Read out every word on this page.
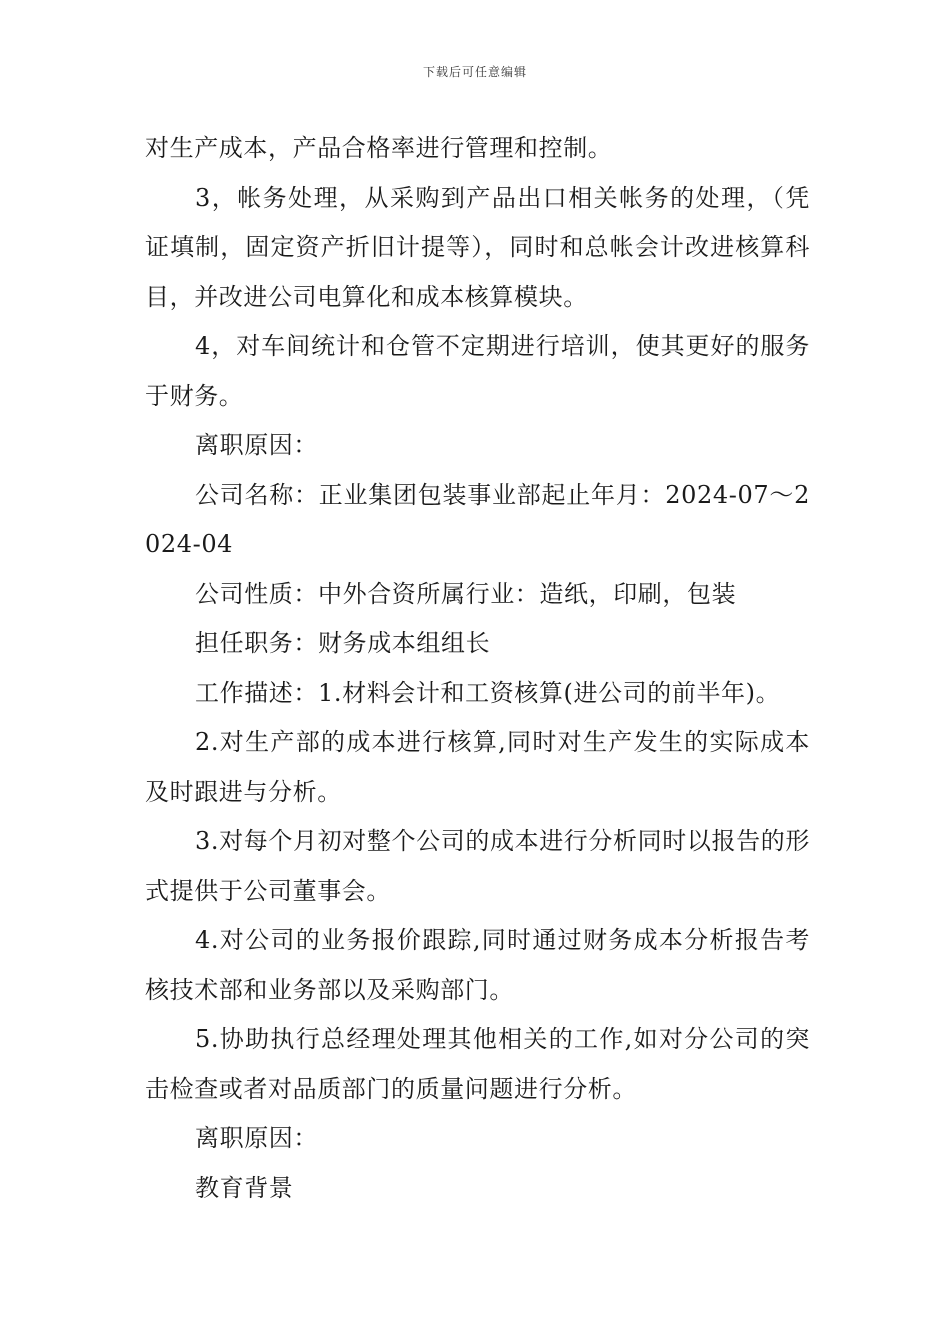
下载后可任意编辑

对生产成本，产品合格率进行管理和控制。

3，帐务处理，从采购到产品出口相关帐务的处理，（凭证填制，固定资产折旧计提等），同时和总帐会计改进核算科目，并改进公司电算化和成本核算模块。

4，对车间统计和仓管不定期进行培训，使其更好的服务于财务。

离职原因：

公司名称：正业集团包装事业部起止年月：2024-07～2024-04

公司性质：中外合资所属行业：造纸，印刷，包装

担任职务：财务成本组组长

工作描述：1.材料会计和工资核算(进公司的前半年)。

2.对生产部的成本进行核算,同时对生产发生的实际成本及时跟进与分析。

3.对每个月初对整个公司的成本进行分析同时以报告的形式提供于公司董事会。

4.对公司的业务报价跟踪,同时通过财务成本分析报告考核技术部和业务部以及采购部门。

5.协助执行总经理处理其他相关的工作,如对分公司的突击检查或者对品质部门的质量问题进行分析。

离职原因：

教育背景
